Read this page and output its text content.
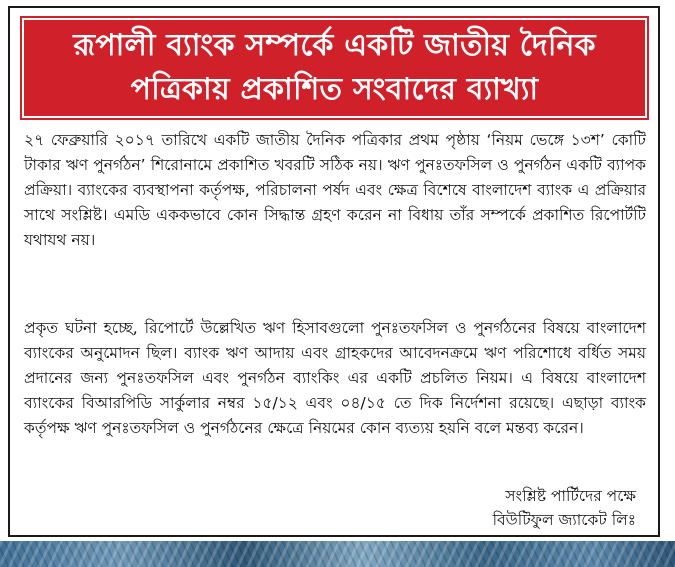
রূপালী ব্যাংক সম্পর্কে একটি জাতীয় দৈনিক
পত্রিকায় প্রকাশিত সংবাদের ব্যাখ্যা

২৭ ফেব্রুয়ারি ২০১৭ তারিখে একটি জাতীয় দৈনিক পত্রিকার প্রথম পৃষ্ঠায় ‘নিয়ম ভেঙ্গে ১৩শ’ কোটি টাকার ঋণ পুনর্গঠন’ শিরোনামে প্রকাশিত খবরটি সঠিক নয়। ঋণ পুনঃতফসিল ও পুনর্গঠন একটি ব্যাপক প্রক্রিয়া। ব্যাংকের ব্যবস্থাপনা কর্তৃপক্ষ, পরিচালনা পর্ষদ এবং ক্ষেত্র বিশেষে বাংলাদেশ ব্যাংক এ প্রক্রিয়ার সাথে সংশ্লিষ্ট। এমডি এককভাবে কোন সিদ্ধান্ত গ্রহণ করেন না বিধায় তাঁর সম্পর্কে প্রকাশিত রিপোর্টটি যথাযথ নয়।

প্রকৃত ঘটনা হচ্ছে, রিপোর্টে উল্লেখিত ঋণ হিসাবগুলো পুনঃতফসিল ও পুনর্গঠনের বিষয়ে বাংলাদেশ ব্যাংকের অনুমোদন ছিল। ব্যাংক ঋণ আদায় এবং গ্রাহকদের আবেদনক্রমে ঋণ পরিশোধে বর্ধিত সময় প্রদানের জন্য পুনঃতফসিল এবং পুনর্গঠন ব্যাংকিং এর একটি প্রচলিত নিয়ম। এ বিষয়ে বাংলাদেশ ব্যাংকের বিআরপিডি সার্কুলার নম্বর ১৫/১২ এবং ০৪/১৫ তে দিক নির্দেশনা রয়েছে। এছাড়া ব্যাংক কর্তৃপক্ষ ঋণ পুনঃতফসিল ও পুনর্গঠনের ক্ষেত্রে নিয়মের কোন ব্যত্যয় হয়নি বলে মন্তব্য করেন।

সংশ্লিষ্ট পার্টিদের পক্ষে
বিউটিফুল জ্যাকেট লিঃ
